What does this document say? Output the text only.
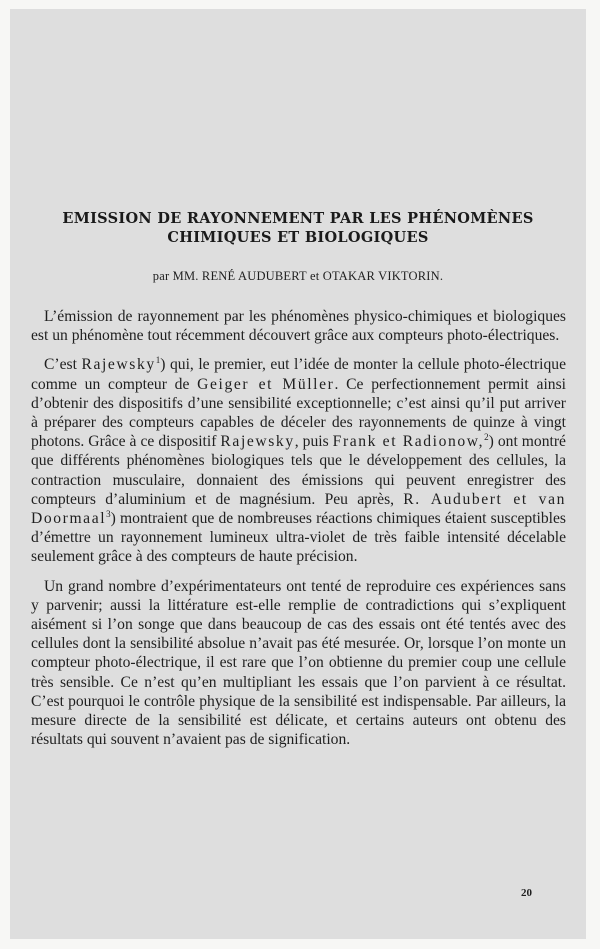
EMISSION DE RAYONNEMENT PAR LES PHÉNOMÈNES CHIMIQUES ET BIOLOGIQUES
par MM. RENÉ AUDUBERT et OTAKAR VIKTORIN.

L’émission de rayonnement par les phénomènes physico-chimiques et biologiques est un phénomène tout récemment découvert grâce aux compteurs photo-électriques.

C’est Rajewsky$^1$) qui, le premier, eut l’idée de monter la cellule photo-électrique comme un compteur de Geiger et Müller. Ce perfectionnement permit ainsi d’obtenir des dispositifs d’une sensibilité exceptionnelle; c’est ainsi qu’il put arriver à préparer des compteurs capables de déceler des rayonnements de quinze à vingt photons. Grâce à ce dispositif Rajewsky, puis Frank et Radionow,$^2$) ont montré que différents phénomènes biologiques tels que le développement des cellules, la contraction musculaire, donnaient des émissions qui peuvent enregistrer des compteurs d’aluminium et de magnésium. Peu après, R. Audubert et van Doormaal$^3$) montraient que de nombreuses réactions chimiques étaient susceptibles d’émettre un rayonnement lumineux ultra-violet de très faible intensité décelable seulement grâce à des compteurs de haute précision.

Un grand nombre d’expérimentateurs ont tenté de reproduire ces expériences sans y parvenir; aussi la littérature est-elle remplie de contradictions qui s’expliquent aisément si l’on songe que dans beaucoup de cas des essais ont été tentés avec des cellules dont la sensibilité absolue n’avait pas été mesurée. Or, lorsque l’on monte un compteur photo-électrique, il est rare que l’on obtienne du premier coup une cellule très sensible. Ce n’est qu’en multipliant les essais que l’on parvient à ce résultat. C’est pourquoi le contrôle physique de la sensibilité est indispensable. Par ailleurs, la mesure directe de la sensibilité est délicate, et certains auteurs ont obtenu des résultats qui souvent n’avaient pas de signification.

20
